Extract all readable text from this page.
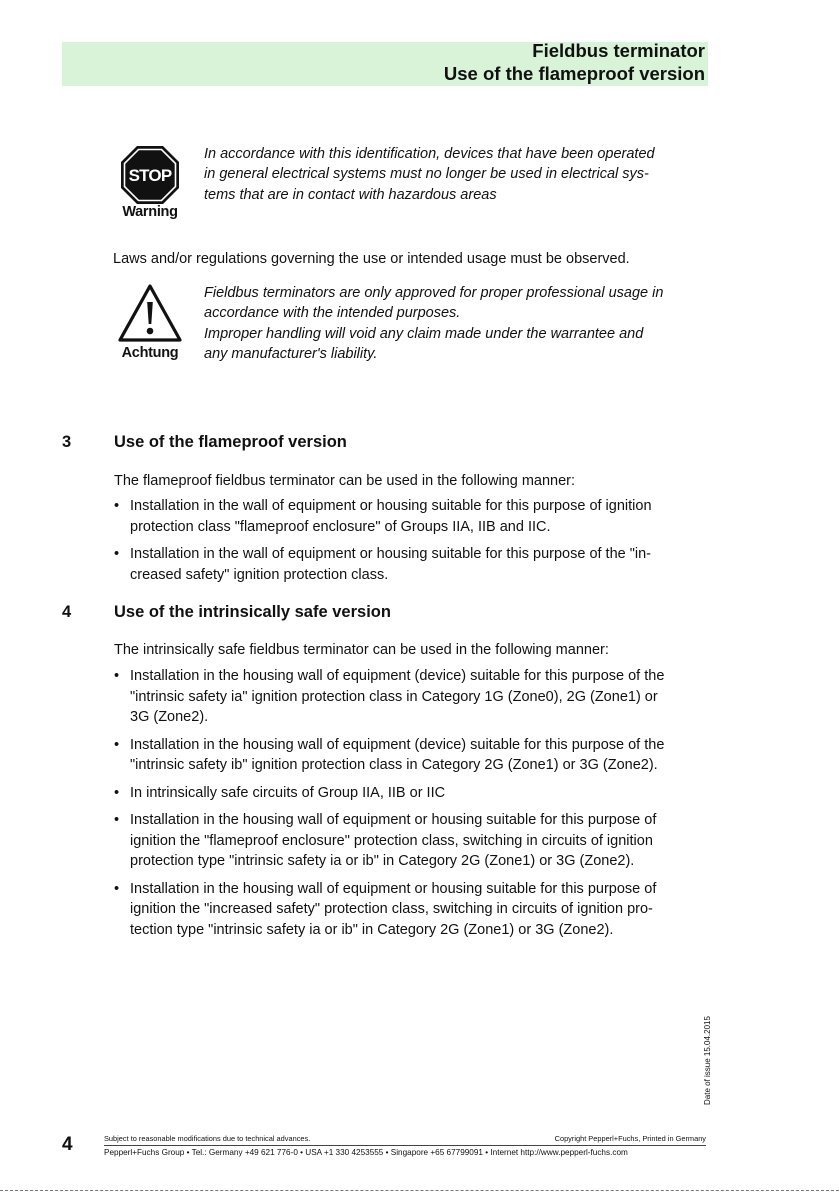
Fieldbus terminator
Use of the flameproof version
STOP
Warning
In accordance with this identification, devices that have been operated
in general electrical systems must no longer be used in electrical sys-
tems that are in contact with hazardous areas
Laws and/or regulations governing the use or intended usage must be observed.
Achtung
Fieldbus terminators are only approved for proper professional usage in
accordance with the intended purposes.
Improper handling will void any claim made under the warrantee and
any manufacturer's liability.
3	Use of the flameproof version
The flameproof fieldbus terminator can be used in the following manner:
• Installation in the wall of equipment or housing suitable for this purpose of ignition
protection class "flameproof enclosure" of Groups IIA, IIB and IIC.
• Installation in the wall of equipment or housing suitable for this purpose of the "in-
creased safety" ignition protection class.
4	Use of the intrinsically safe version
The intrinsically safe fieldbus terminator can be used in the following manner:
• Installation in the housing wall of equipment (device) suitable for this purpose of the
"intrinsic safety ia" ignition protection class in Category 1G (Zone0), 2G (Zone1) or
3G (Zone2).
• Installation in the housing wall of equipment (device) suitable for this purpose of the
"intrinsic safety ib" ignition protection class in Category 2G (Zone1) or 3G (Zone2).
• In intrinsically safe circuits of Group IIA, IIB or IIC
• Installation in the housing wall of equipment or housing suitable for this purpose of
ignition the "flameproof enclosure" protection class, switching in circuits of ignition
protection type "intrinsic safety ia or ib" in Category 2G (Zone1) or 3G (Zone2).
• Installation in the housing wall of equipment or housing suitable for this purpose of
ignition the "increased safety" protection class, switching in circuits of ignition pro-
tection type "intrinsic safety ia or ib" in Category 2G (Zone1) or 3G (Zone2).
Date of issue 15.04.2015
4	Subject to reasonable modifications due to technical advances.	Copyright Pepperl+Fuchs, Printed in Germany
Pepperl+Fuchs Group • Tel.: Germany +49 621 776-0 • USA +1 330 4253555 • Singapore +65 67799091 • Internet http://www.pepperl-fuchs.com
